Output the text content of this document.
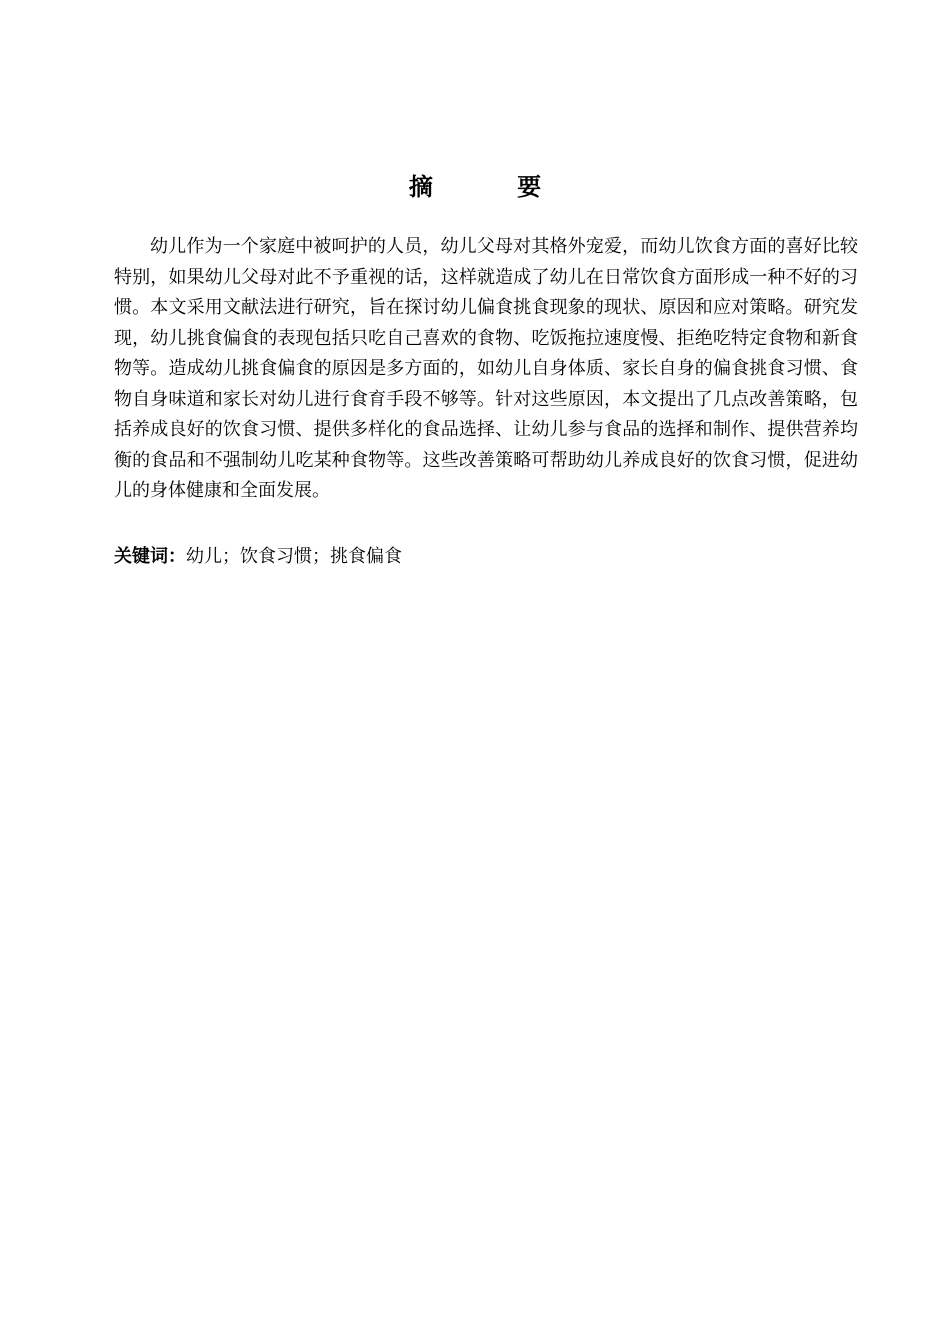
摘 要

幼儿作为一个家庭中被呵护的人员，幼儿父母对其格外宠爱，而幼儿饮食方面的喜好比较特别，如果幼儿父母对此不予重视的话，这样就造成了幼儿在日常饮食方面形成一种不好的习惯。本文采用文献法进行研究，旨在探讨幼儿偏食挑食现象的现状、原因和应对策略。研究发现，幼儿挑食偏食的表现包括只吃自己喜欢的食物、吃饭拖拉速度慢、拒绝吃特定食物和新食物等。造成幼儿挑食偏食的原因是多方面的，如幼儿自身体质、家长自身的偏食挑食习惯、食物自身味道和家长对幼儿进行食育手段不够等。针对这些原因，本文提出了几点改善策略，包括养成良好的饮食习惯、提供多样化的食品选择、让幼儿参与食品的选择和制作、提供营养均衡的食品和不强制幼儿吃某种食物等。这些改善策略可帮助幼儿养成良好的饮食习惯，促进幼儿的身体健康和全面发展。

关键词：幼儿；饮食习惯；挑食偏食
